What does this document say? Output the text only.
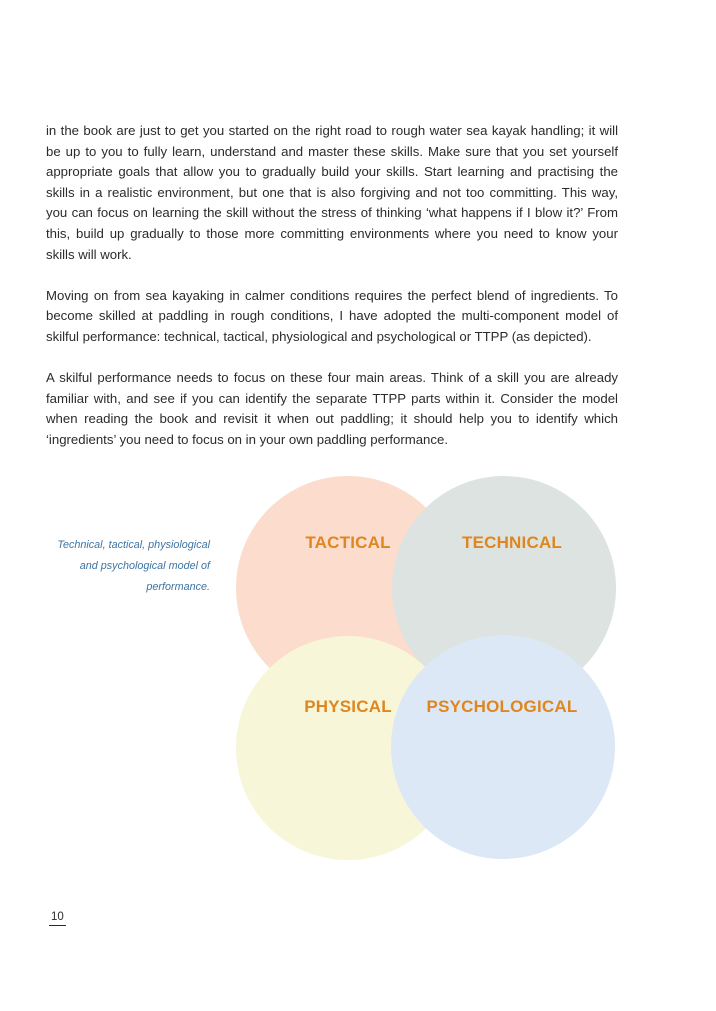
in the book are just to get you started on the right road to rough water sea kayak handling; it will be up to you to fully learn, understand and master these skills. Make sure that you set yourself appropriate goals that allow you to gradually build your skills. Start learning and practising the skills in a realistic environment, but one that is also forgiving and not too committing. This way, you can focus on learning the skill without the stress of thinking ‘what happens if I blow it?’ From this, build up gradually to those more committing environments where you need to know your skills will work.

Moving on from sea kayaking in calmer conditions requires the perfect blend of ingredients. To become skilled at paddling in rough conditions, I have adopted the multi-component model of skilful performance: technical, tactical, physiological and psychological or TTPP (as depicted).

A skilful performance needs to focus on these four main areas. Think of a skill you are already familiar with, and see if you can identify the separate TTPP parts within it. Consider the model when reading the book and revisit it when out paddling; it should help you to identify which ‘ingredients’ you need to focus on in your own paddling performance.

Technical, tactical, physiological and psychological model of performance.

TACTICAL	TECHNICAL
PHYSICAL PSYCHOLOGICAL
10
